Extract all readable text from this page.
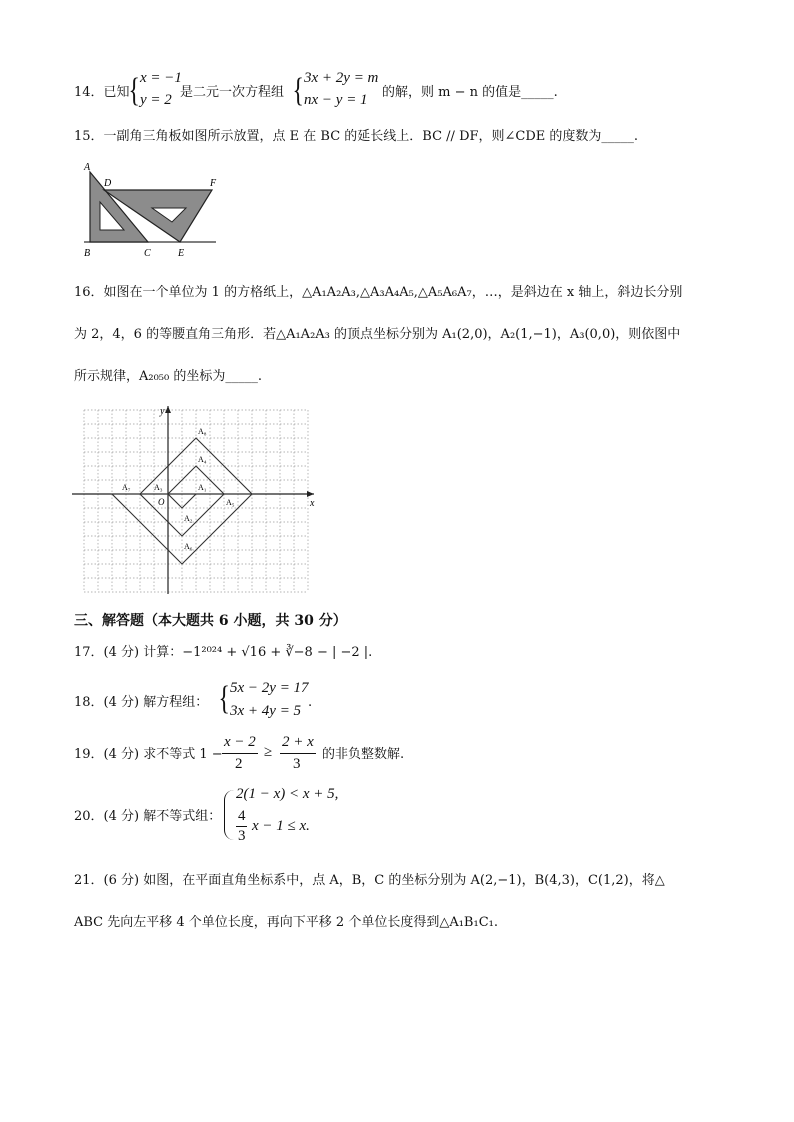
14．已知
{ x = −1
y = 2 是二元一次方程组 { 3x + 2y = m
nx − y = 1 的解，则 m − n 的值是_____.
15．一副角三角板如图所示放置，点 E 在 BC 的延长线上．BC // DF，则∠CDE 的度数为_____.
A
D	F
B	C	E
16．如图在一个单位为 1 的方格纸上，△A₁A₂A₃,△A₃A₄A₅,△A₅A₆A₇，…，是斜边在 x 轴上，斜边长分别
为 2，4，6 的等腰直角三角形．若△A₁A₂A₃ 的顶点坐标分别为 A₁(2,0)，A₂(1,−1)，A₃(0,0)，则依图中
所示规律，A₂₀₅₀ 的坐标为_____.
x
y
O
A₁
A₂
A₃
A₄
A₅
A₆
A₇
A₈
三、解答题（本大题共 6 小题，共 30 分）
17．(4 分) 计算：−1²⁰²⁴ + √16 + ∛−8 − | −2 |.
18．(4 分) 解方程组： { 5x − 2y = 17
3x + 4y = 5
.
19．(4 分) 求不等式 1 −
x − 2
2
≥
2 + x
3
的非负整数解.
20．(4 分) 解不等式组：
2(1 − x) < x + 5,
4
3
x − 1 ≤ x.
21．(6 分) 如图，在平面直角坐标系中，点 A，B，C 的坐标分别为 A(2,−1)，B(4,3)，C(1,2)，将△
ABC 先向左平移 4 个单位长度，再向下平移 2 个单位长度得到△A₁B₁C₁.
